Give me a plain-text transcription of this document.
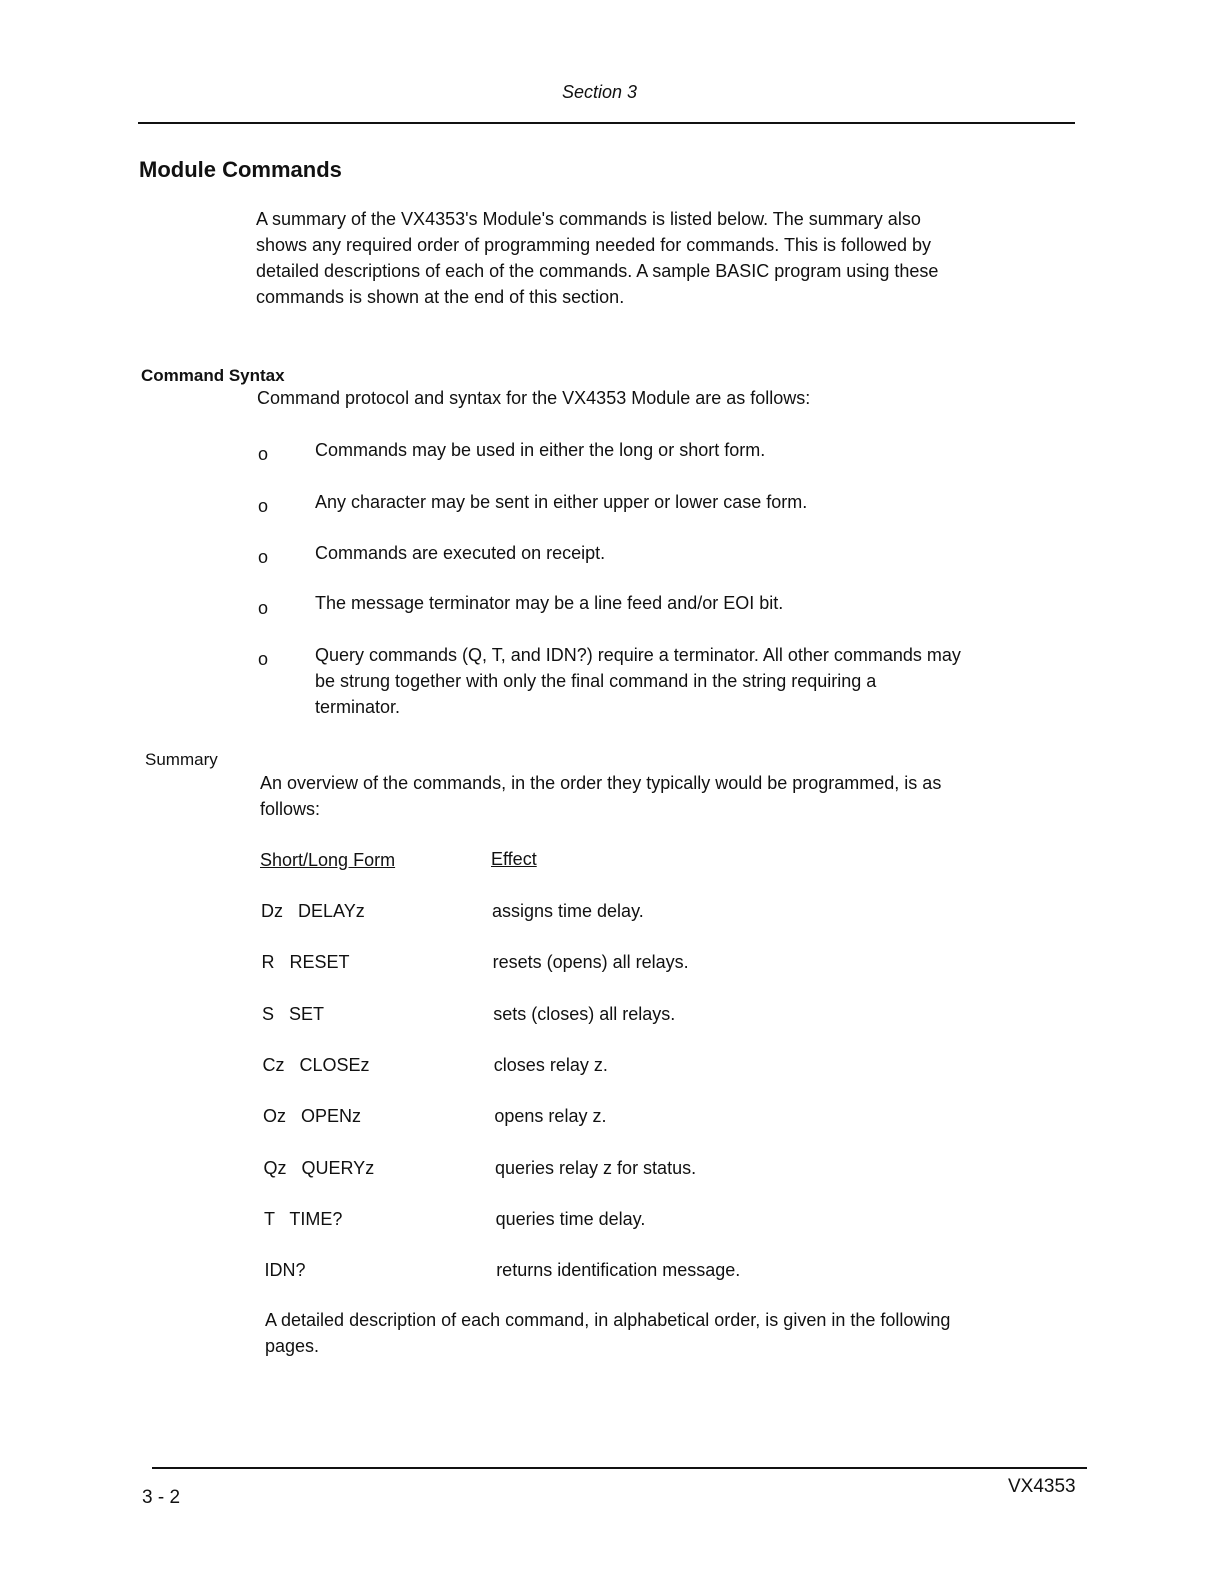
Section 3
Module Commands
A summary of the VX4353's Module's commands is listed below. The summary also
shows any required order of programming needed for commands. This is followed by
detailed descriptions of each of the commands. A sample BASIC program using these
commands is shown at the end of this section.
Command Syntax
Command protocol and syntax for the VX4353 Module are as follows:
o	Commands may be used in either the long or short form.
o	Any character may be sent in either upper or lower case form.
o	Commands are executed on receipt.
o	The message terminator may be a line feed and/or EOI bit.
o	Query commands (Q, T, and IDN?) require a terminator. All other commands may
be strung together with only the final command in the string requiring a
terminator.
Summary
An overview of the commands, in the order they typically would be programmed, is as
follows:
Short/Long Form	Effect
Dz   DELAYz	assigns time delay.
R   RESET	resets (opens) all relays.
S   SET	sets (closes) all relays.
Cz   CLOSEz	closes relay z.
Oz   OPENz	opens relay z.
Qz   QUERYz	queries relay z for status.
T   TIME?	queries time delay.
IDN?	returns identification message.
A detailed description of each command, in alphabetical order, is given in the following
pages.
3 - 2
VX4353
